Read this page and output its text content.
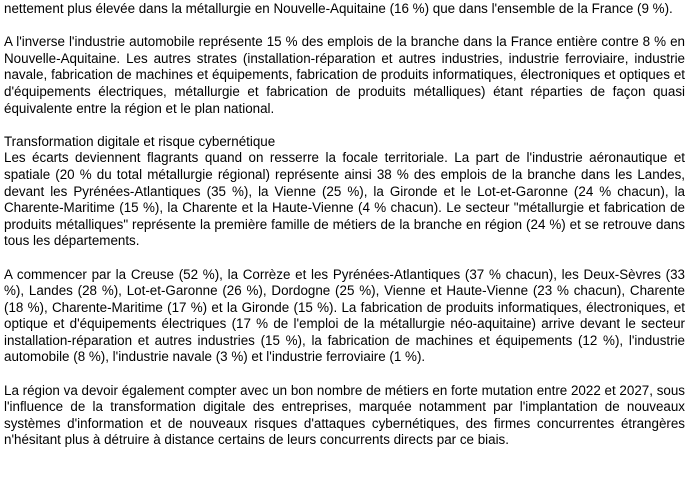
nettement plus élevée dans la métallurgie en Nouvelle-Aquitaine (16 %) que dans l'ensemble de la France (9 %).

A l'inverse l'industrie automobile représente 15 % des emplois de la branche dans la France entière contre 8 % en Nouvelle-Aquitaine. Les autres strates (installation-réparation et autres industries, industrie ferroviaire, industrie navale, fabrication de machines et équipements, fabrication de produits informatiques, électroniques et optiques et d'équipements électriques, métallurgie et fabrication de produits métalliques) étant réparties de façon quasi équivalente entre la région et le plan national.

Transformation digitale et risque cybernétique

Les écarts deviennent flagrants quand on resserre la focale territoriale. La part de l'industrie aéronautique et spatiale (20 % du total métallurgie régional) représente ainsi 38 % des emplois de la branche dans les Landes, devant les Pyrénées-Atlantiques (35 %), la Vienne (25 %), la Gironde et le Lot-et-Garonne (24 % chacun), la Charente-Maritime (15 %), la Charente et la Haute-Vienne (4 % chacun). Le secteur "métallurgie et fabrication de produits métalliques" représente la première famille de métiers de la branche en région (24 %) et se retrouve dans tous les départements.

A commencer par la Creuse (52 %), la Corrèze et les Pyrénées-Atlantiques (37 % chacun), les Deux-Sèvres (33 %), Landes (28 %), Lot-et-Garonne (26 %), Dordogne (25 %), Vienne et Haute-Vienne (23 % chacun), Charente (18 %), Charente-Maritime (17 %) et la Gironde (15 %). La fabrication de produits informatiques, électroniques, et optique et d'équipements électriques (17 % de l'emploi de la métallurgie néo-aquitaine) arrive devant le secteur installation-réparation et autres industries (15 %), la fabrication de machines et équipements (12 %), l'industrie automobile (8 %), l'industrie navale (3 %) et l'industrie ferroviaire (1 %).

La région va devoir également compter avec un bon nombre de métiers en forte mutation entre 2022 et 2027, sous l'influence de la transformation digitale des entreprises, marquée notamment par l'implantation de nouveaux systèmes d'information et de nouveaux risques d'attaques cybernétiques, des firmes concurrentes étrangères n'hésitant plus à détruire à distance certains de leurs concurrents directs par ce biais.
